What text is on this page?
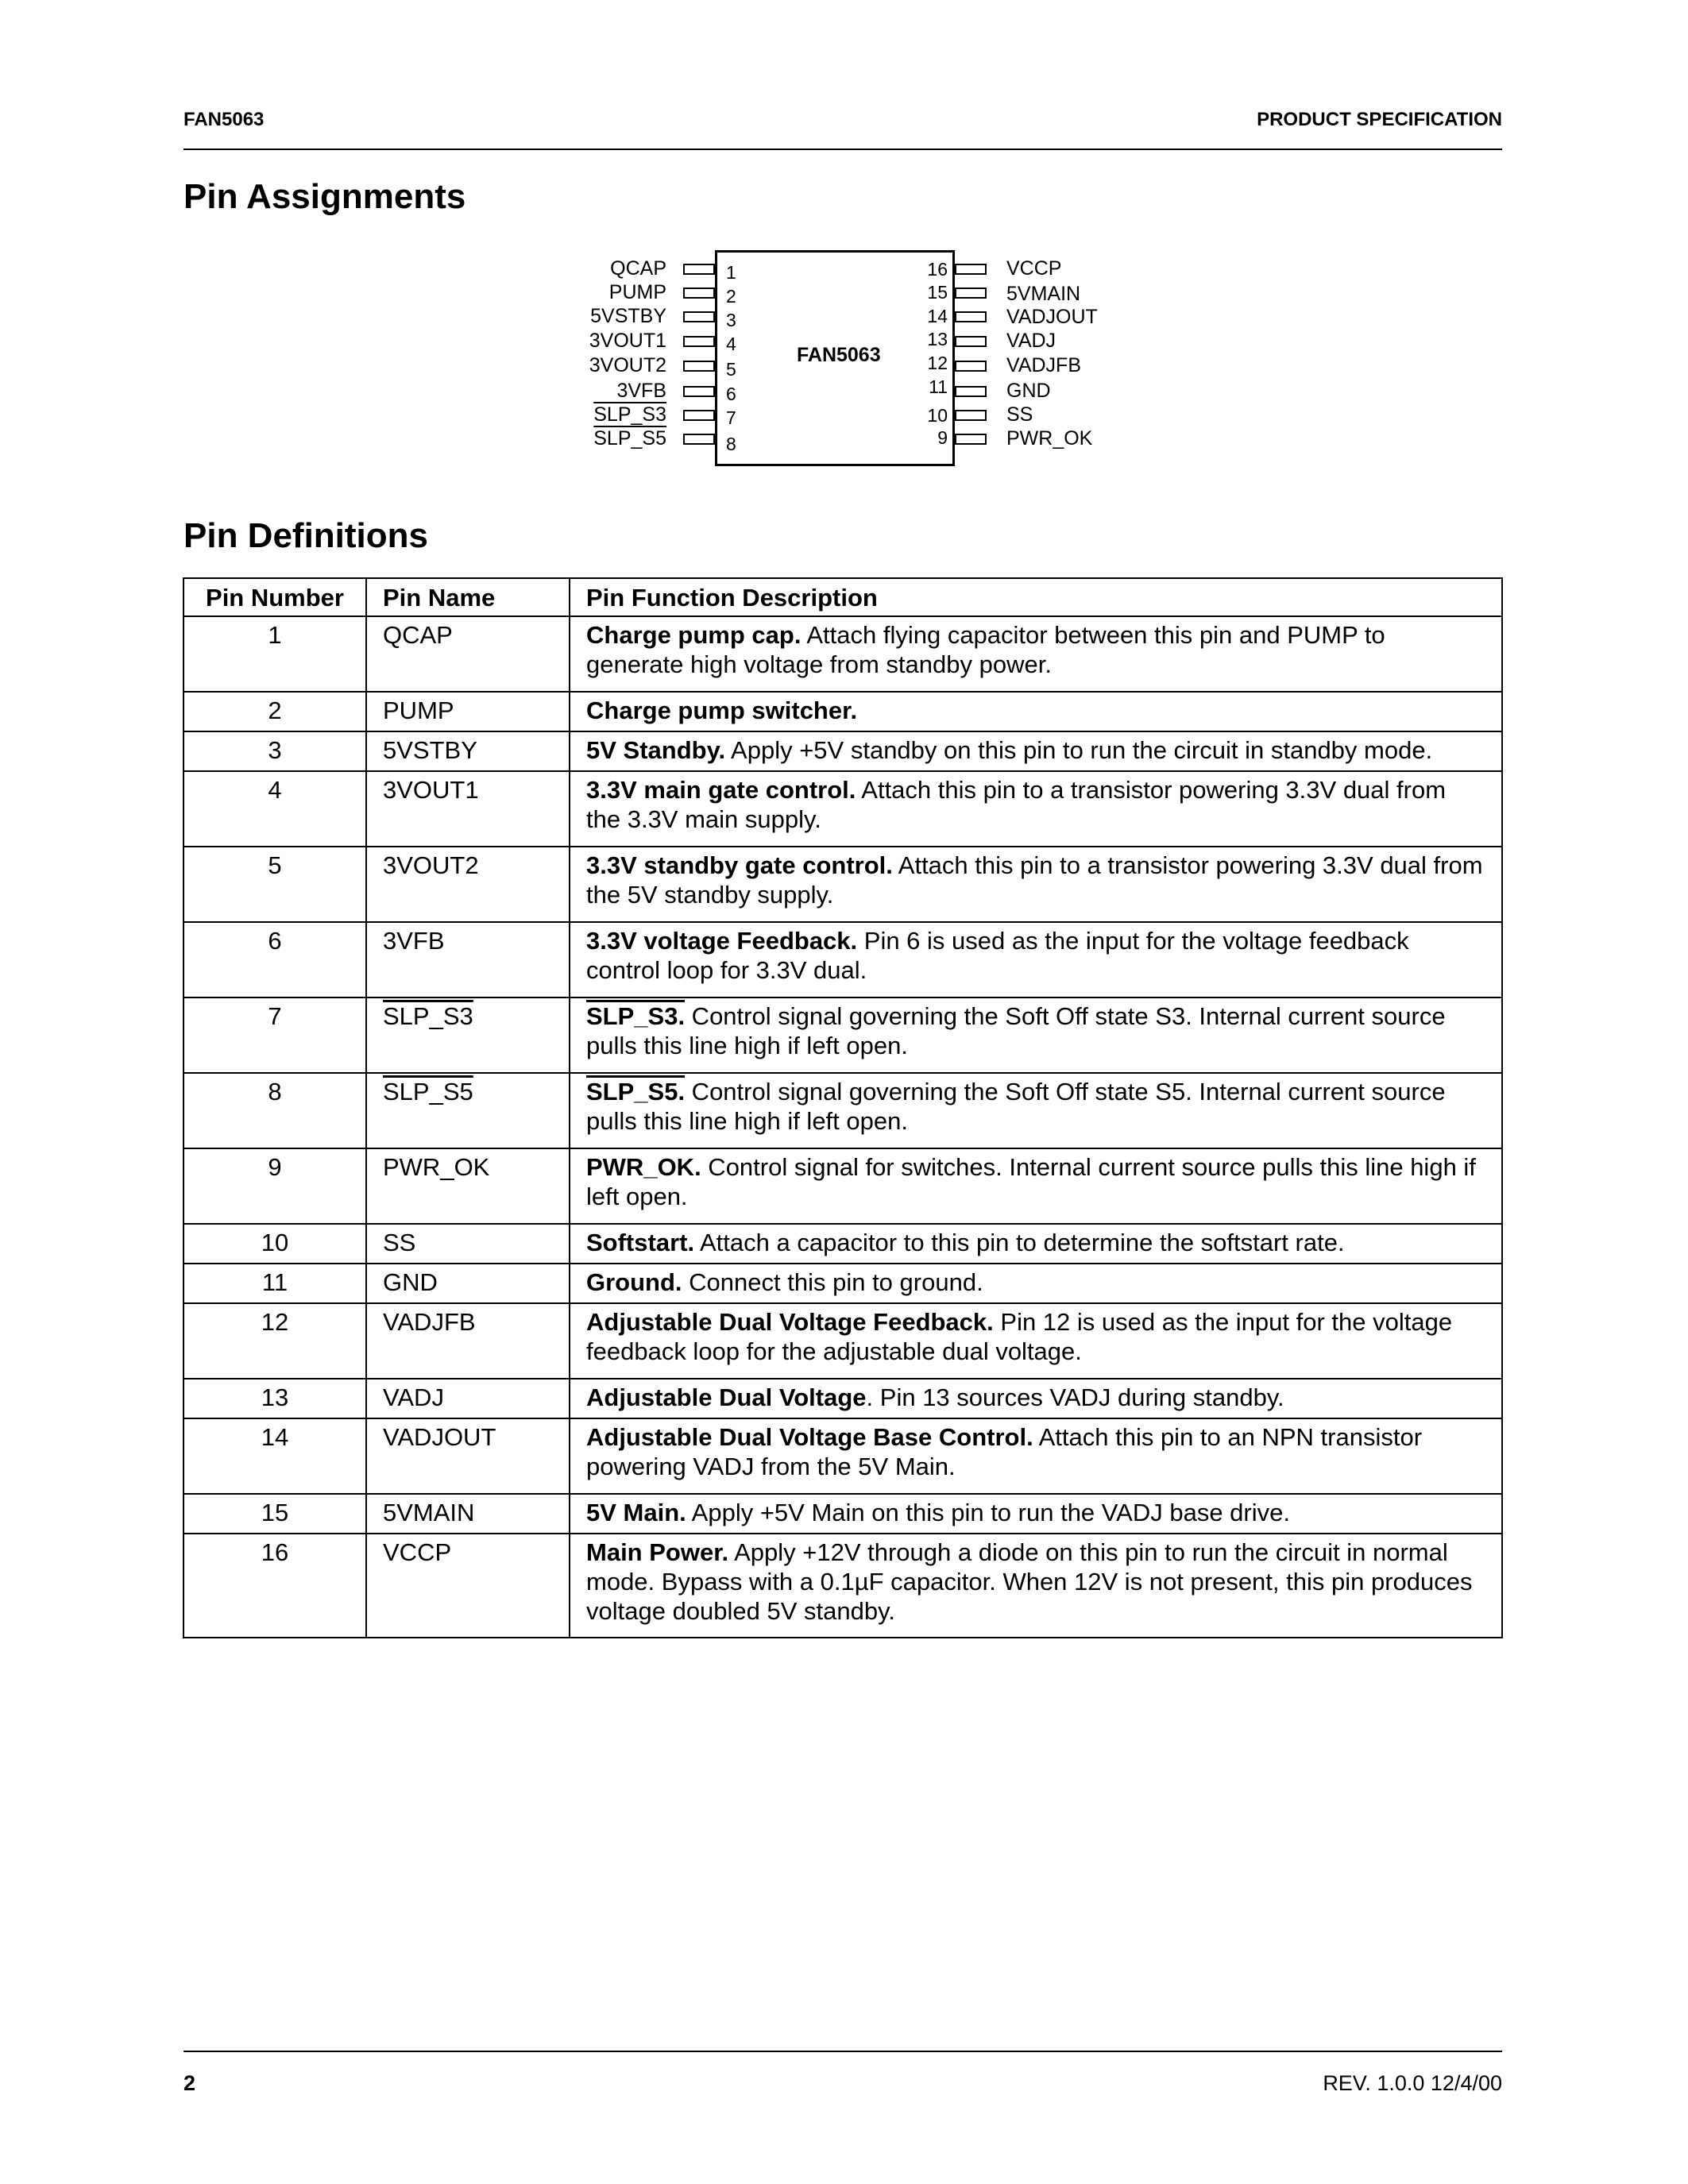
FAN5063	PRODUCT SPECIFICATION
Pin Assignments
FAN5063
QCAP	1
PUMP	2
5VSTBY	3
3VOUT1	4
3VOUT2	5
3VFB	6
SLP_S3	7
SLP_S5	8
16	VCCP
15	5VMAIN
14	VADJOUT
13	VADJ
12	VADJFB
11	GND
10	SS
9	PWR_OK
Pin Definitions
Pin Number	Pin Name	Pin Function Description
1	QCAP	Charge pump cap. Attach flying capacitor between this pin and PUMP to generate high voltage from standby power.
2	PUMP	Charge pump switcher.
3	5VSTBY	5V Standby. Apply +5V standby on this pin to run the circuit in standby mode.
4	3VOUT1	3.3V main gate control. Attach this pin to a transistor powering 3.3V dual from the 3.3V main supply.
5	3VOUT2	3.3V standby gate control. Attach this pin to a transistor powering 3.3V dual from the 5V standby supply.
6	3VFB	3.3V voltage Feedback. Pin 6 is used as the input for the voltage feedback control loop for 3.3V dual.
7	SLP_S3	SLP_S3. Control signal governing the Soft Off state S3. Internal current source pulls this line high if left open.
8	SLP_S5	SLP_S5. Control signal governing the Soft Off state S5. Internal current source pulls this line high if left open.
9	PWR_OK	PWR_OK. Control signal for switches. Internal current source pulls this line high if left open.
10	SS	Softstart. Attach a capacitor to this pin to determine the softstart rate.
11	GND	Ground. Connect this pin to ground.
12	VADJFB	Adjustable Dual Voltage Feedback. Pin 12 is used as the input for the voltage feedback loop for the adjustable dual voltage.
13	VADJ	Adjustable Dual Voltage. Pin 13 sources VADJ during standby.
14	VADJOUT	Adjustable Dual Voltage Base Control. Attach this pin to an NPN transistor powering VADJ from the 5V Main.
15	5VMAIN	5V Main. Apply +5V Main on this pin to run the VADJ base drive.
16	VCCP	Main Power. Apply +12V through a diode on this pin to run the circuit in normal mode. Bypass with a 0.1µF capacitor. When 12V is not present, this pin produces voltage doubled 5V standby.
2	REV. 1.0.0 12/4/00
